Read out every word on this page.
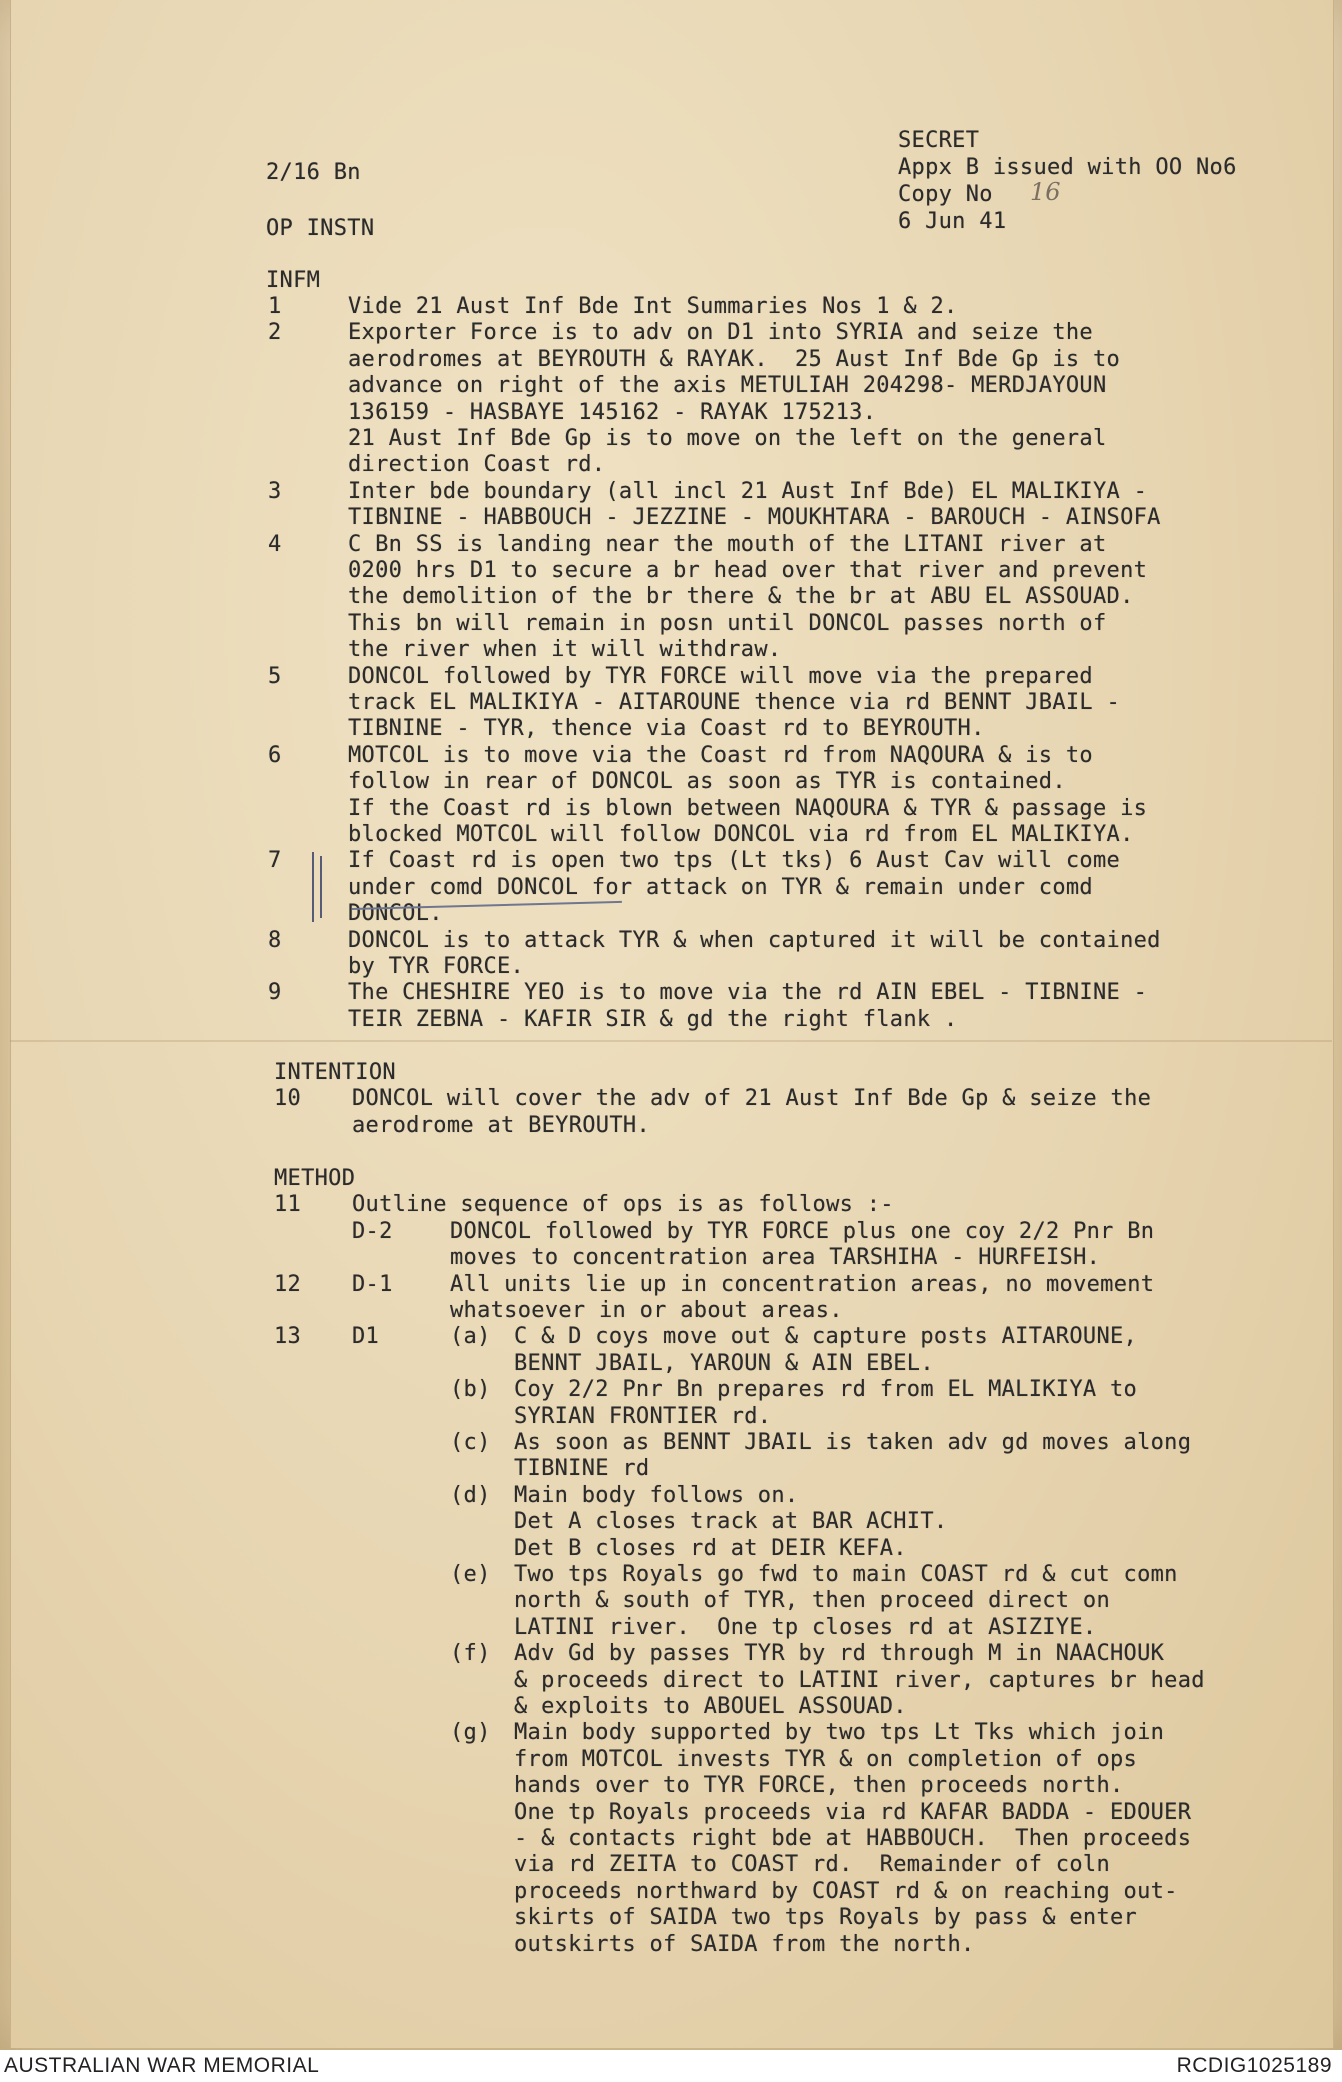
2/16 Bn
SECRET
Appx B issued with OO No6
Copy No 16
6 Jun 41
OP INSTN
INFM
1	Vide 21 Aust Inf Bde Int Summaries Nos 1 & 2.
2	Exporter Force is to adv on D1 into SYRIA and seize the
aerodromes at BEYROUTH & RAYAK.  25 Aust Inf Bde Gp is to
advance on right of the axis METULIAH 204298- MERDJAYOUN
136159 - HASBAYE 145162 - RAYAK 175213.
21 Aust Inf Bde Gp is to move on the left on the general
direction Coast rd.
3	Inter bde boundary (all incl 21 Aust Inf Bde) EL MALIKIYA -
TIBNINE - HABBOUCH - JEZZINE - MOUKHTARA - BAROUCH - AINSOFA
4	C Bn SS is landing near the mouth of the LITANI river at
0200 hrs D1 to secure a br head over that river and prevent
the demolition of the br there & the br at ABU EL ASSOUAD.
This bn will remain in posn until DONCOL passes north of
the river when it will withdraw.
5	DONCOL followed by TYR FORCE will move via the prepared
track EL MALIKIYA - AITAROUNE thence via rd BENNT JBAIL -
TIBNINE - TYR, thence via Coast rd to BEYROUTH.
6	MOTCOL is to move via the Coast rd from NAQOURA & is to
follow in rear of DONCOL as soon as TYR is contained.
If the Coast rd is blown between NAQOURA & TYR & passage is
blocked MOTCOL will follow DONCOL via rd from EL MALIKIYA.
7	If Coast rd is open two tps (Lt tks) 6 Aust Cav will come
under comd DONCOL for attack on TYR & remain under comd
DONCOL.
8	DONCOL is to attack TYR & when captured it will be contained
by TYR FORCE.
9	The CHESHIRE YEO is to move via the rd AIN EBEL - TIBNINE -
TEIR ZEBNA - KAFIR SIR & gd the right flank .
INTENTION
10 DONCOL will cover the adv of 21 Aust Inf Bde Gp & seize the
aerodrome at BEYROUTH.
METHOD
11 Outline sequence of ops is as follows :-
D-2	DONCOL followed by TYR FORCE plus one coy 2/2 Pnr Bn
moves to concentration area TARSHIHA - HURFEISH.
12 D-1	All units lie up in concentration areas, no movement
whatsoever in or about areas.
13 D1	(a) C & D coys move out & capture posts AITAROUNE,
BENNT JBAIL, YAROUN & AIN EBEL.
(b) Coy 2/2 Pnr Bn prepares rd from EL MALIKIYA to
SYRIAN FRONTIER rd.
(c) As soon as BENNT JBAIL is taken adv gd moves along
TIBNINE rd
(d) Main body follows on.
Det A closes track at BAR ACHIT.
Det B closes rd at DEIR KEFA.
(e) Two tps Royals go fwd to main COAST rd & cut comn
north & south of TYR, then proceed direct on
LATINI river.  One tp closes rd at ASIZIYE.
(f) Adv Gd by passes TYR by rd through M in NAACHOUK
& proceeds direct to LATINI river, captures br head
& exploits to ABOUEL ASSOUAD.
(g) Main body supported by two tps Lt Tks which join
from MOTCOL invests TYR & on completion of ops
hands over to TYR FORCE, then proceeds north.
One tp Royals proceeds via rd KAFAR BADDA - EDOUER
- & contacts right bde at HABBOUCH.  Then proceeds
via rd ZEITA to COAST rd.  Remainder of coln
proceeds northward by COAST rd & on reaching out-
skirts of SAIDA two tps Royals by pass & enter
outskirts of SAIDA from the north.
AUSTRALIAN WAR MEMORIAL	RCDIG1025189
